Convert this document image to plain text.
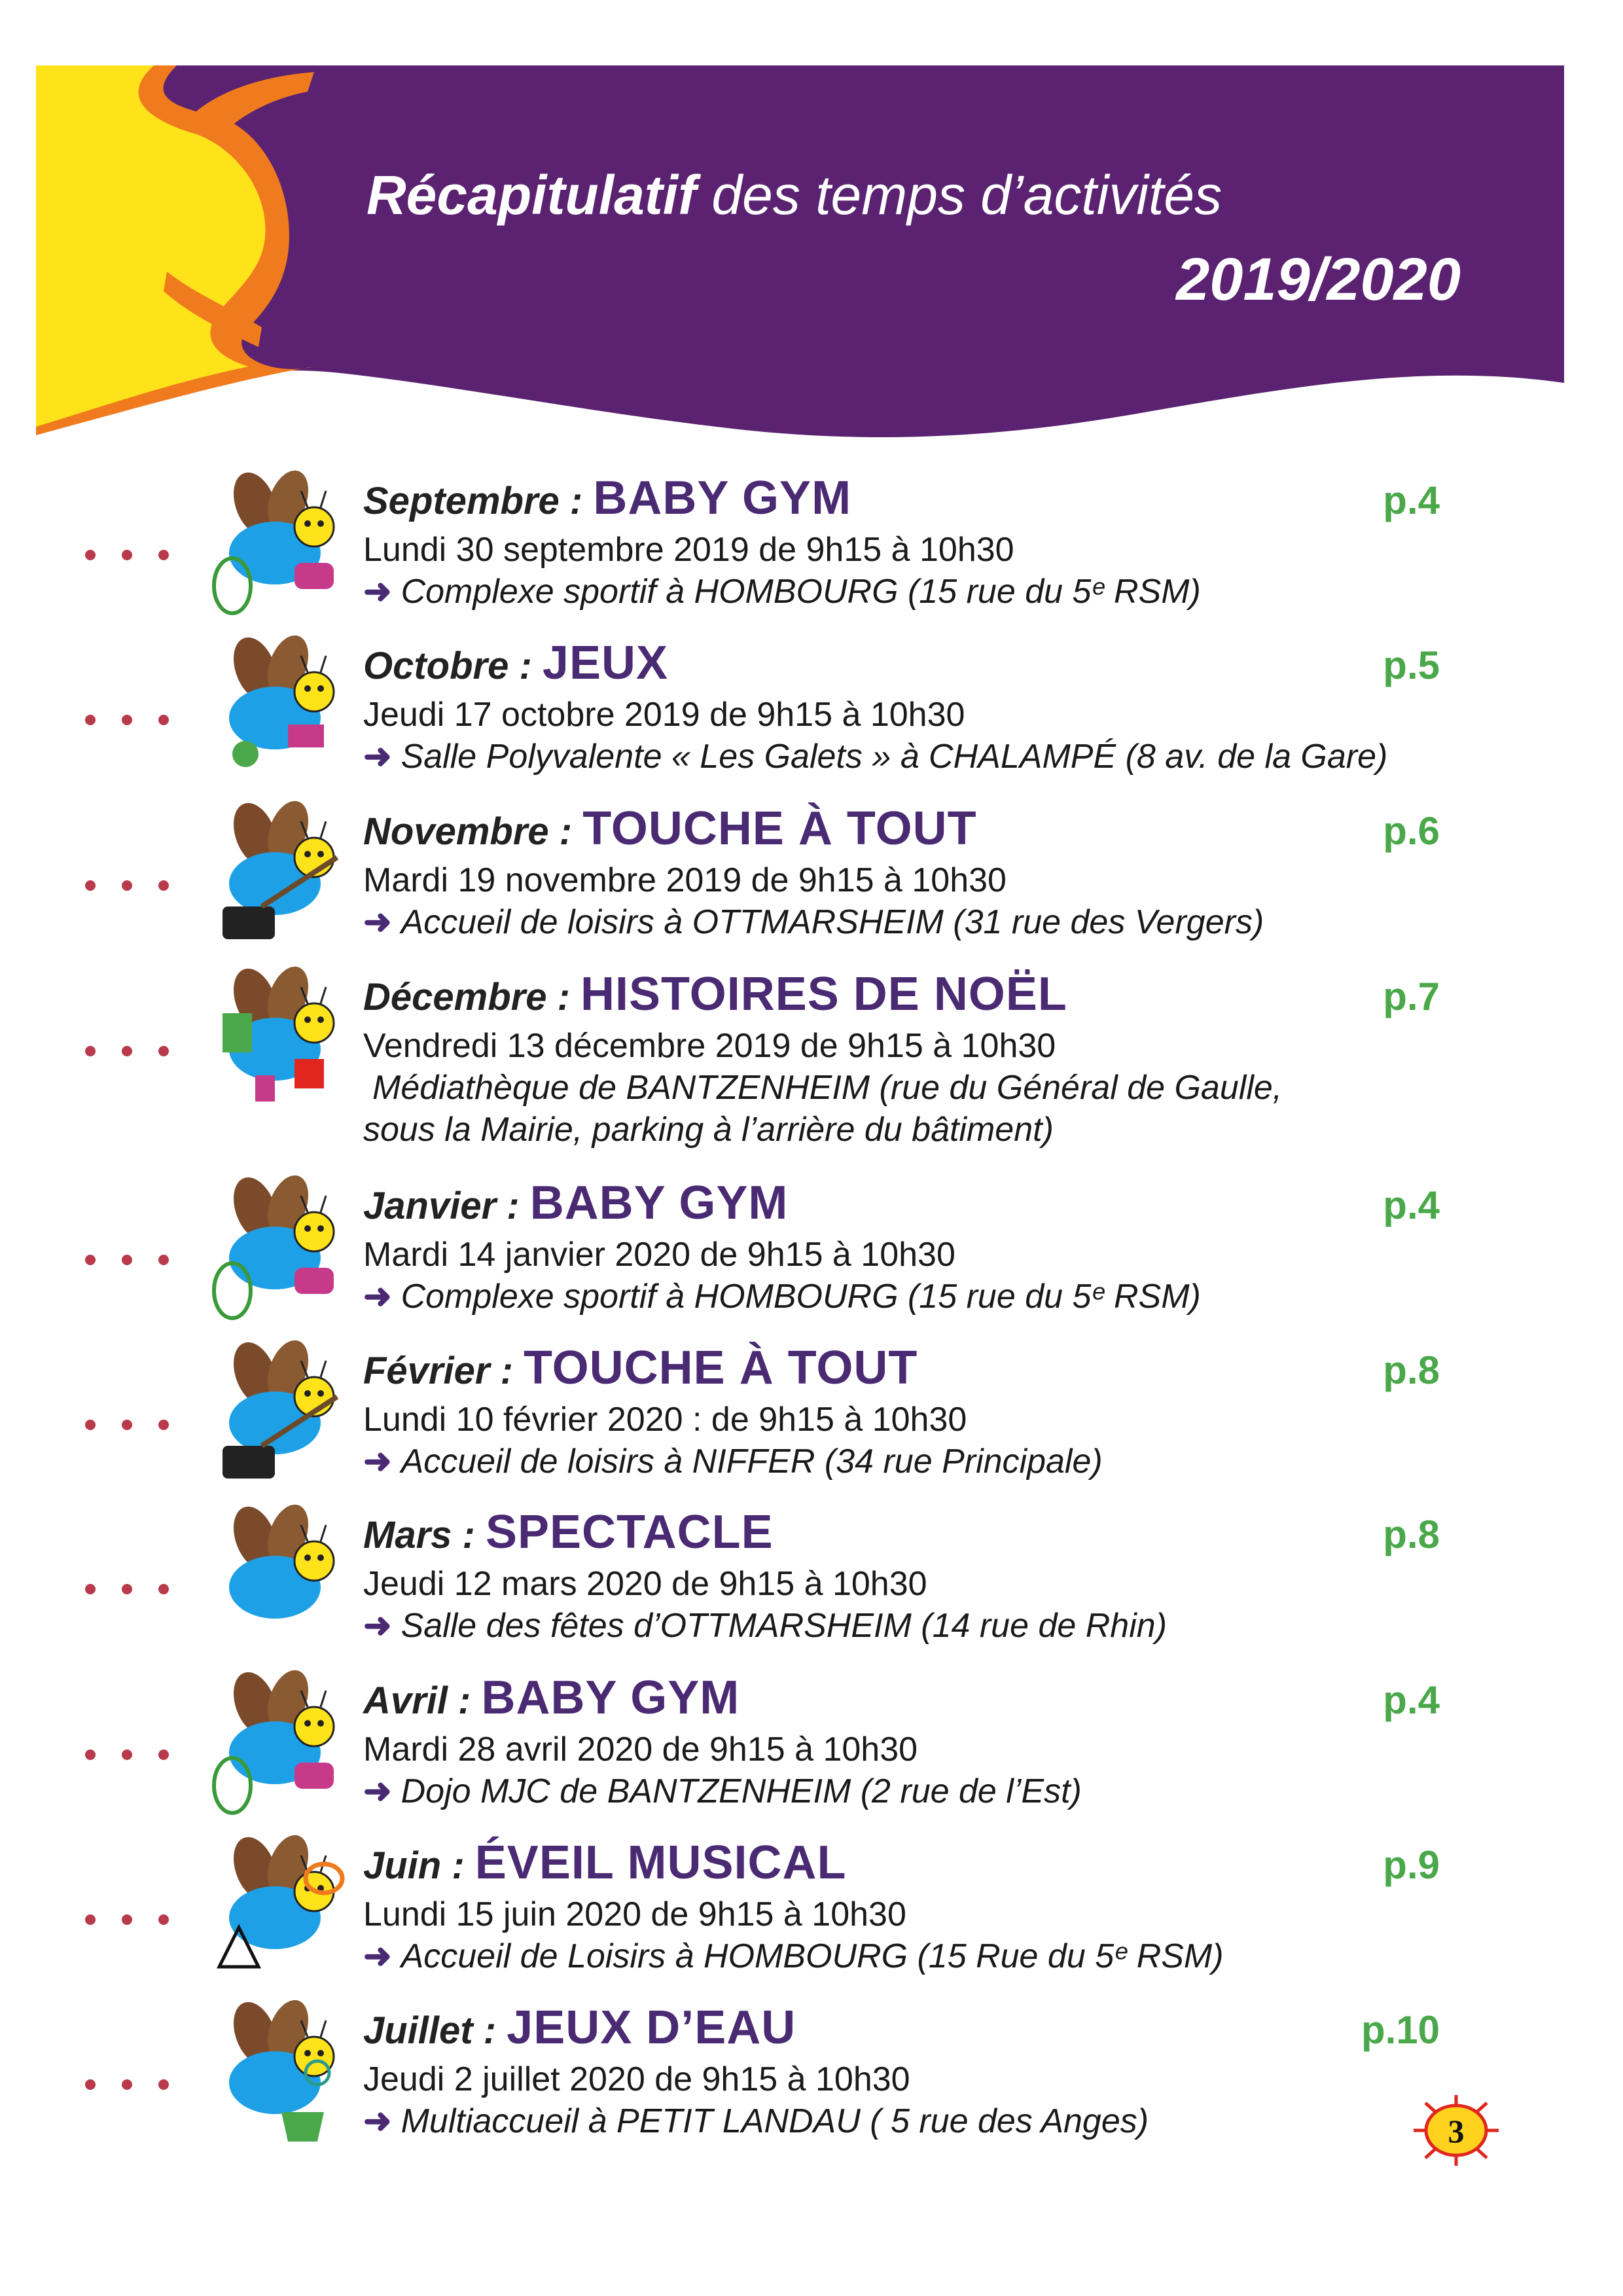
Récapitulatif des temps d’activités
2019/2020
Septembre : BABY GYM	p.4
Lundi 30 septembre 2019 de 9h15 à 10h30
➜ Complexe sportif à HOMBOURG (15 rue du 5ᵉ RSM)
Octobre : JEUX	p.5
Jeudi 17 octobre 2019 de 9h15 à 10h30
➜ Salle Polyvalente « Les Galets » à CHALAMPÉ (8 av. de la Gare)
Novembre : TOUCHE À TOUT	p.6
Mardi 19 novembre 2019 de 9h15 à 10h30
➜ Accueil de loisirs à OTTMARSHEIM (31 rue des Vergers)
Décembre : HISTOIRES DE NOËL	p.7
Vendredi 13 décembre 2019 de 9h15 à 10h30
Médiathèque de BANTZENHEIM (rue du Général de Gaulle,
sous la Mairie, parking à l’arrière du bâtiment)
Janvier : BABY GYM	p.4
Mardi 14 janvier 2020 de 9h15 à 10h30
➜ Complexe sportif à HOMBOURG (15 rue du 5ᵉ RSM)
Février : TOUCHE À TOUT	p.8
Lundi 10 février 2020 : de 9h15 à 10h30
➜ Accueil de loisirs à NIFFER (34 rue Principale)
Mars : SPECTACLE	p.8
Jeudi 12 mars 2020 de 9h15 à 10h30
➜ Salle des fêtes d’OTTMARSHEIM (14 rue de Rhin)
Avril : BABY GYM	p.4
Mardi 28 avril 2020 de 9h15 à 10h30
➜ Dojo MJC de BANTZENHEIM (2 rue de l’Est)
Juin : ÉVEIL MUSICAL	p.9
Lundi 15 juin 2020 de 9h15 à 10h30
➜ Accueil de Loisirs à HOMBOURG (15 Rue du 5ᵉ RSM)
Juillet : JEUX D’EAU	p.10
Jeudi 2 juillet 2020 de 9h15 à 10h30
➜ Multiaccueil à PETIT LANDAU ( 5 rue des Anges)	3
